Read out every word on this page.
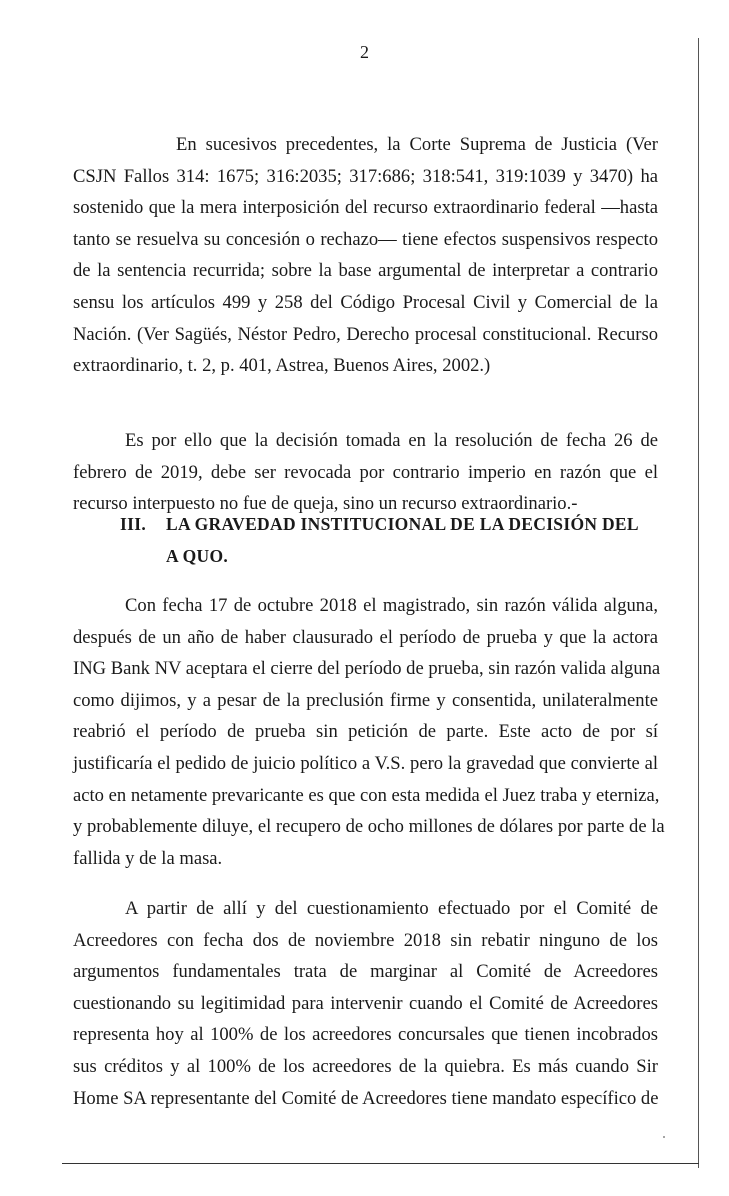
2
En sucesivos precedentes, la Corte Suprema de Justicia (Ver
CSJN Fallos 314: 1675; 316:2035; 317:686; 318:541, 319:1039 y 3470) ha
sostenido que la mera interposición del recurso extraordinario federal —hasta
tanto se resuelva su concesión o rechazo— tiene efectos suspensivos respecto
de la sentencia recurrida; sobre la base argumental de interpretar a contrario
sensu los artículos 499 y 258 del Código Procesal Civil y Comercial de la
Nación. (Ver Sagüés, Néstor Pedro, Derecho procesal constitucional. Recurso
extraordinario, t. 2, p. 401, Astrea, Buenos Aires, 2002.)
Es por ello que la decisión tomada en la resolución de fecha 26 de
febrero de 2019, debe ser revocada por contrario imperio en razón que el
recurso interpuesto no fue de queja, sino un recurso extraordinario.-
III. LA GRAVEDAD INSTITUCIONAL DE LA DECISIÓN DEL
A QUO.
Con fecha 17 de octubre 2018 el magistrado, sin razón válida alguna,
después de un año de haber clausurado el período de prueba y que la actora
ING Bank NV aceptara el cierre del período de prueba, sin razón valida alguna
como dijimos, y a pesar de la preclusión firme y consentida, unilateralmente
reabrió el período de prueba sin petición de parte. Este acto de por sí
justificaría el pedido de juicio político a V.S. pero la gravedad que convierte al
acto en netamente prevaricante es que con esta medida el Juez traba y eterniza,
y probablemente diluye, el recupero de ocho millones de dólares por parte de la
fallida y de la masa.
A partir de allí y del cuestionamiento efectuado por el Comité de
Acreedores con fecha dos de noviembre 2018 sin rebatir ninguno de los
argumentos fundamentales trata de marginar al Comité de Acreedores
cuestionando su legitimidad para intervenir cuando el Comité de Acreedores
representa hoy al 100% de los acreedores concursales que tienen incobrados
sus créditos y al 100% de los acreedores de la quiebra. Es más cuando Sir
Home SA representante del Comité de Acreedores tiene mandato específico de
